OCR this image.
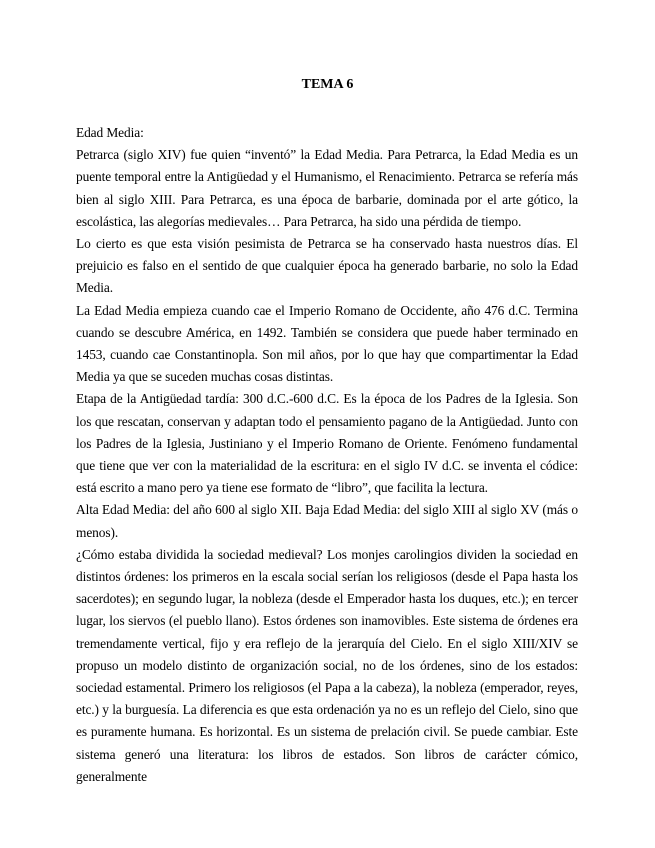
TEMA 6

Edad Media:

Petrarca (siglo XIV) fue quien “inventó” la Edad Media. Para Petrarca, la Edad Media es un puente temporal entre la Antigüedad y el Humanismo, el Renacimiento. Petrarca se refería más bien al siglo XIII. Para Petrarca, es una época de barbarie, dominada por el arte gótico, la escolástica, las alegorías medievales… Para Petrarca, ha sido una pérdida de tiempo.

Lo cierto es que esta visión pesimista de Petrarca se ha conservado hasta nuestros días. El prejuicio es falso en el sentido de que cualquier época ha generado barbarie, no solo la Edad Media.

La Edad Media empieza cuando cae el Imperio Romano de Occidente, año 476 d.C. Termina cuando se descubre América, en 1492. También se considera que puede haber terminado en 1453, cuando cae Constantinopla. Son mil años, por lo que hay que compartimentar la Edad Media ya que se suceden muchas cosas distintas.

Etapa de la Antigüedad tardía: 300 d.C.-600 d.C. Es la época de los Padres de la Iglesia. Son los que rescatan, conservan y adaptan todo el pensamiento pagano de la Antigüedad. Junto con los Padres de la Iglesia, Justiniano y el Imperio Romano de Oriente. Fenómeno fundamental que tiene que ver con la materialidad de la escritura: en el siglo IV d.C. se inventa el códice: está escrito a mano pero ya tiene ese formato de “libro”, que facilita la lectura.

Alta Edad Media: del año 600 al siglo XII. Baja Edad Media: del siglo XIII al siglo XV (más o menos).

¿Cómo estaba dividida la sociedad medieval? Los monjes carolingios dividen la sociedad en distintos órdenes: los primeros en la escala social serían los religiosos (desde el Papa hasta los sacerdotes); en segundo lugar, la nobleza (desde el Emperador hasta los duques, etc.); en tercer lugar, los siervos (el pueblo llano). Estos órdenes son inamovibles. Este sistema de órdenes era tremendamente vertical, fijo y era reflejo de la jerarquía del Cielo. En el siglo XIII/XIV se propuso un modelo distinto de organización social, no de los órdenes, sino de los estados: sociedad estamental. Primero los religiosos (el Papa a la cabeza), la nobleza (emperador, reyes, etc.) y la burguesía. La diferencia es que esta ordenación ya no es un reflejo del Cielo, sino que es puramente humana. Es horizontal. Es un sistema de prelación civil. Se puede cambiar. Este sistema generó una literatura: los libros de estados. Son libros de carácter cómico, generalmente
